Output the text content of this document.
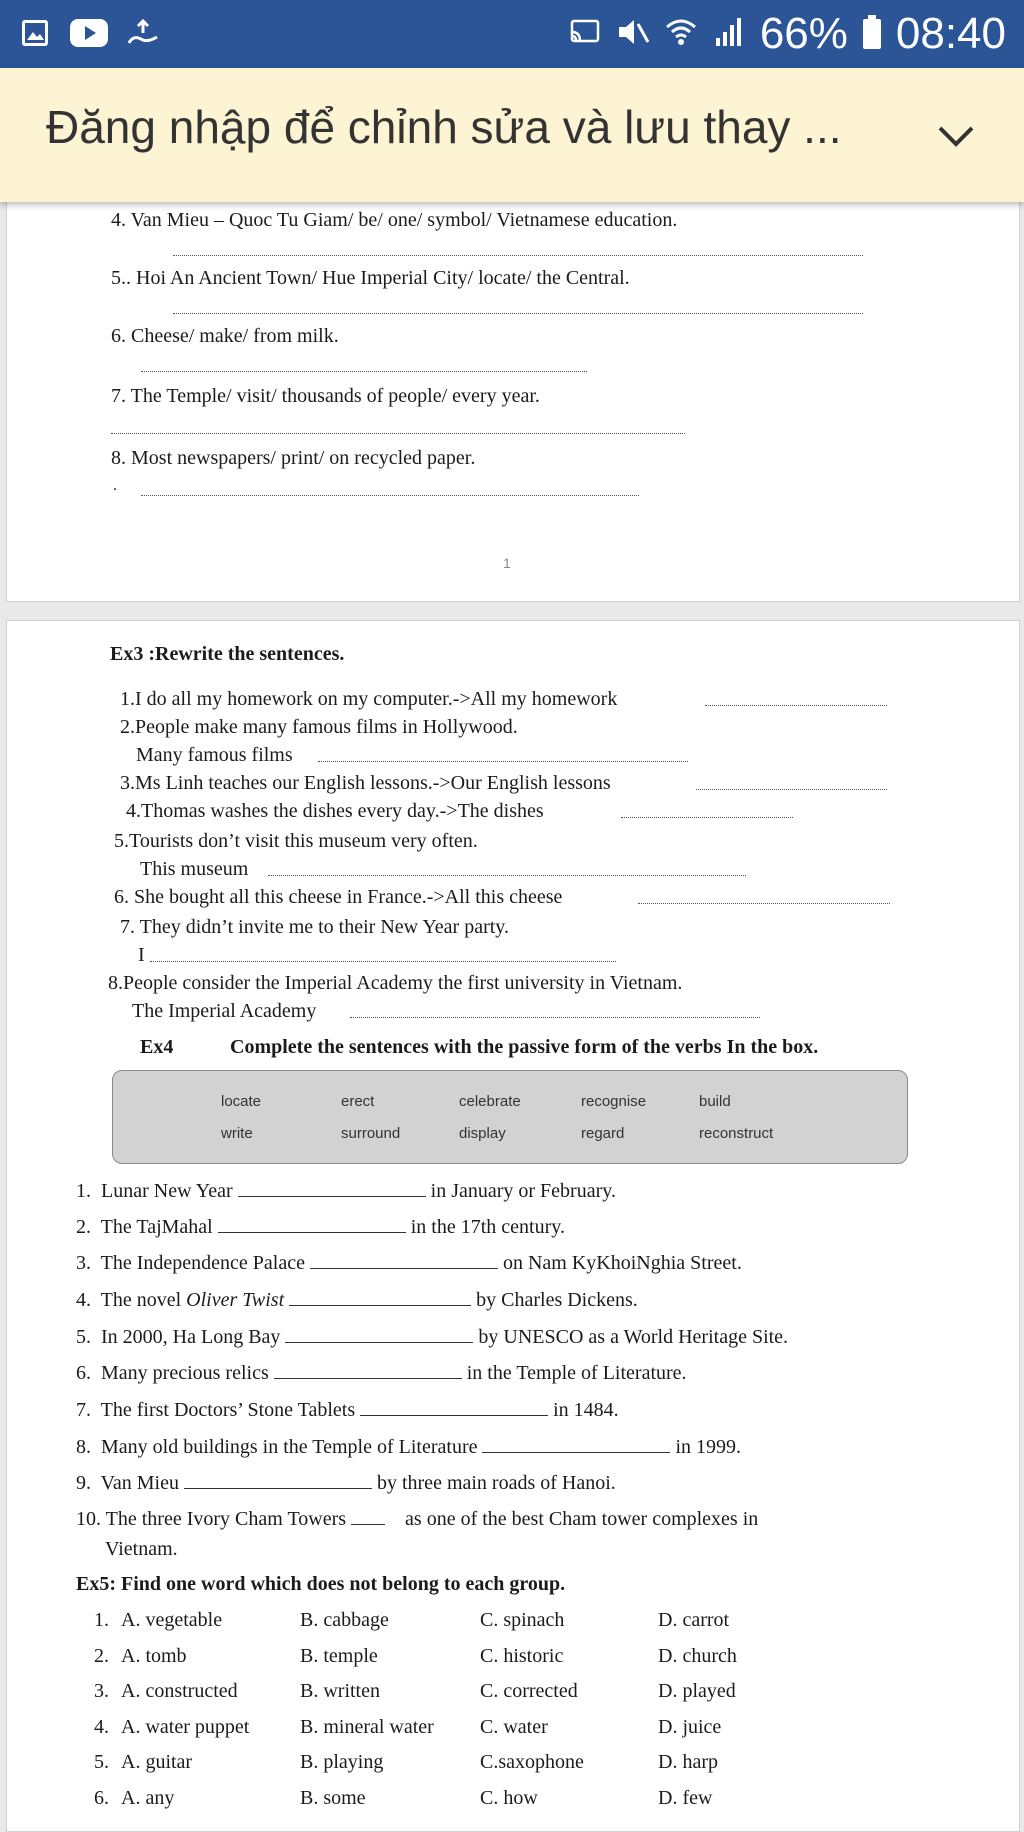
66% 08:40
Đăng nhập để chỉnh sửa và lưu thay ...
4. Van Mieu – Quoc Tu Giam/ be/ one/ symbol/ Vietnamese education.
5.. Hoi An Ancient Town/ Hue Imperial City/ locate/ the Central.
6. Cheese/ make/ from milk.
7. The Temple/ visit/ thousands of people/ every year.
8. Most newspapers/ print/ on recycled paper.
.
1
Ex3 :Rewrite the sentences.
1.I do all my homework on my computer.->All my homework
2.People make many famous films in Hollywood.
Many famous films
3.Ms Linh teaches our English lessons.->Our English lessons
4.Thomas washes the dishes every day.->The dishes
5.Tourists don’t visit this museum very often.
This museum
6. She bought all this cheese in France.->All this cheese
7. They didn’t invite me to their New Year party.
I
8.People consider the Imperial Academy the first university in Vietnam.
The Imperial Academy
Ex4	Complete the sentences with the passive form of the verbs In the box.
locate	erect	celebrate	recognise	build
write	surround	display	regard	reconstruct
1. Lunar New Year	in January or February.
2. The TajMahal	in the 17th century.
3. The Independence Palace	on Nam KyKhoiNghia Street.
4. The novel Oliver Twist	by Charles Dickens.
5. In 2000, Ha Long Bay	by UNESCO as a World Heritage Site.
6. Many precious relics	in the Temple of Literature.
7. The first Doctors’ Stone Tablets	in 1484.
8. Many old buildings in the Temple of Literature	in 1999.
9. Van Mieu	by three main roads of Hanoi.
10. The three Ivory Cham Towers	as one of the best Cham tower complexes in
Vietnam.
Ex5: Find one word which does not belong to each group.
1. A. vegetable	B. cabbage	C. spinach	D. carrot
2. A. tomb	B. temple	C. historic	D. church
3. A. constructed	B. written	C. corrected	D. played
4. A. water puppet	B. mineral water C. water	D. juice
5. A. guitar	B. playing	C.saxophone	D. harp
6. A. any	B. some	C. how	D. few
